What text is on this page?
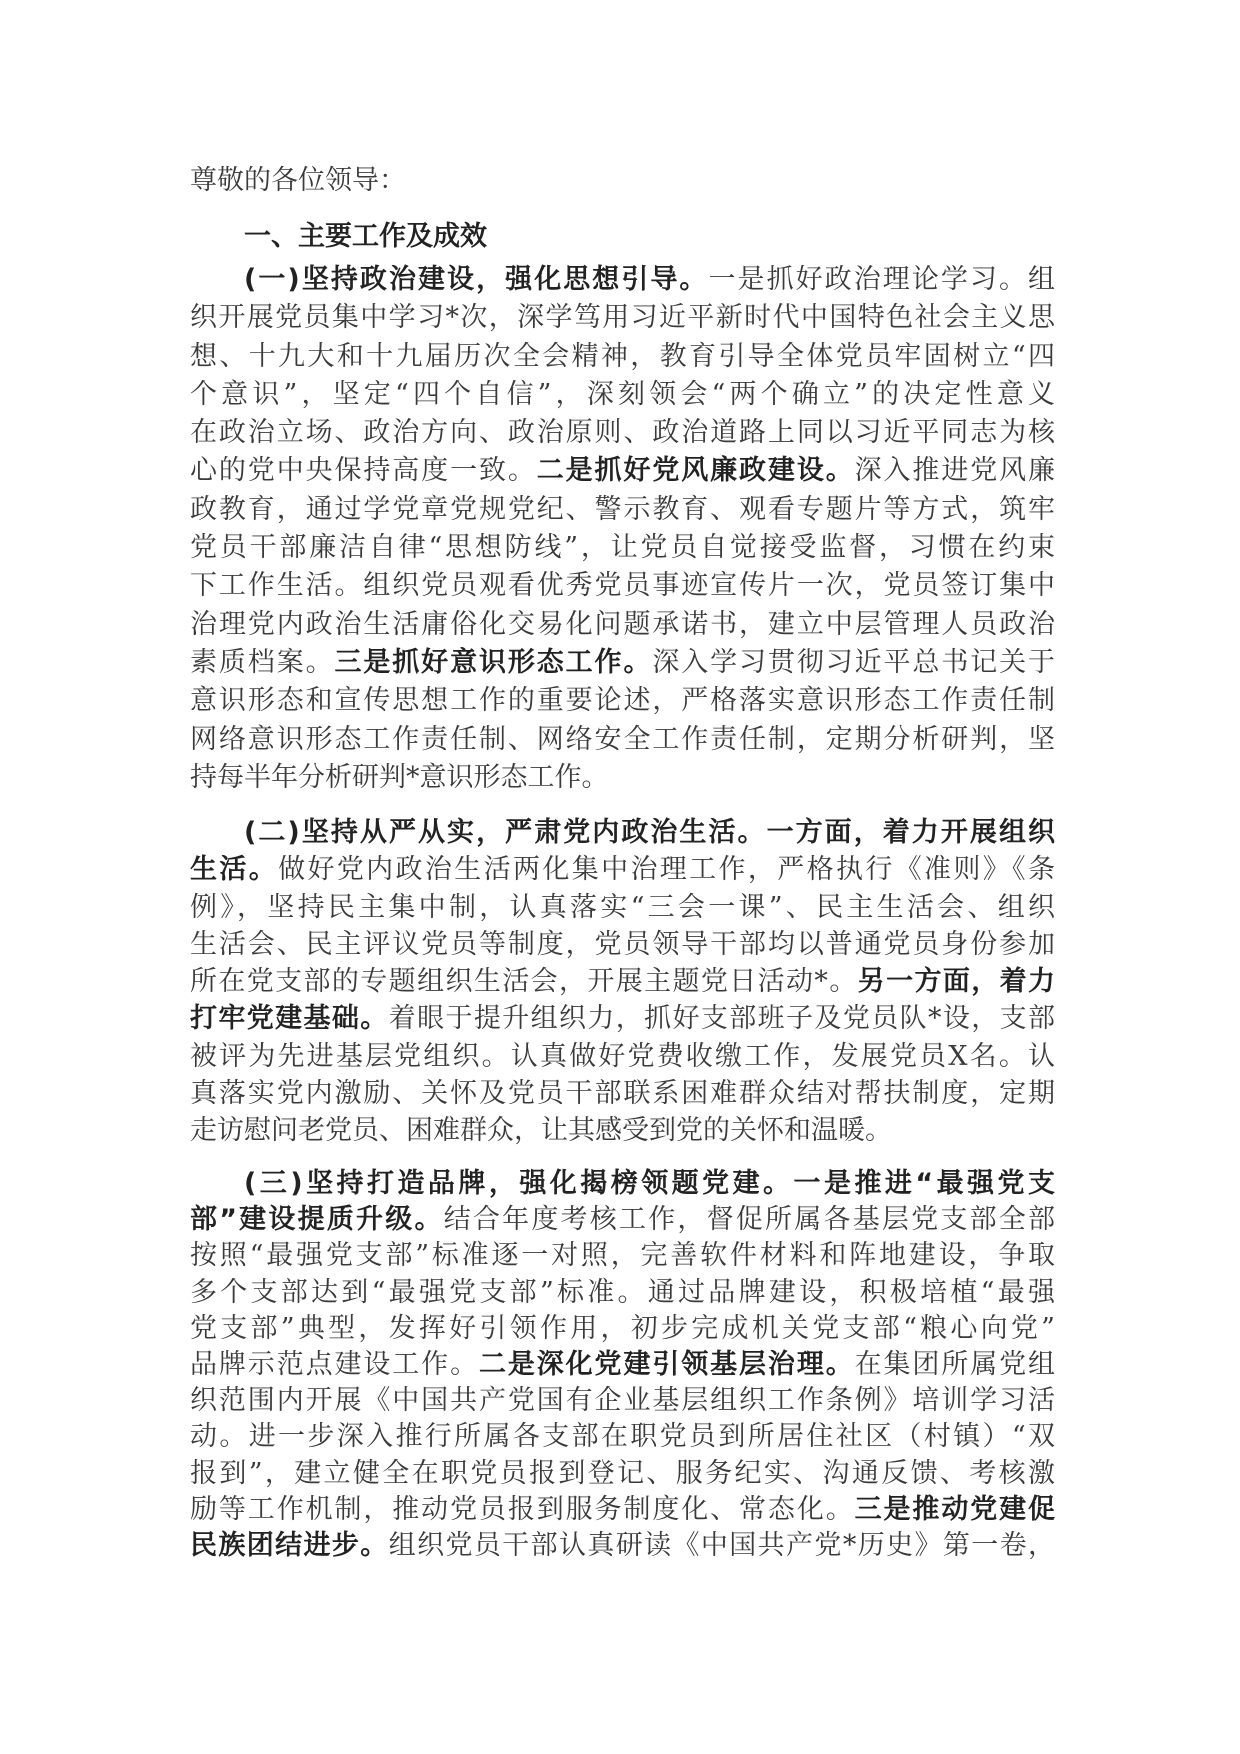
尊敬的各位领导：
一、主要工作及成效
(一)坚持政治建设，强化思想引导。一是抓好政治理论学习。组
织开展党员集中学习*次，深学笃用习近平新时代中国特色社会主义思
想、十九大和十九届历次全会精神，教育引导全体党员牢固树立“四
个意识”，坚定“四个自信”，深刻领会“两个确立”的决定性意义
在政治立场、政治方向、政治原则、政治道路上同以习近平同志为核
心的党中央保持高度一致。二是抓好党风廉政建设。深入推进党风廉
政教育，通过学党章党规党纪、警示教育、观看专题片等方式，筑牢
党员干部廉洁自律“思想防线”，让党员自觉接受监督，习惯在约束
下工作生活。组织党员观看优秀党员事迹宣传片一次，党员签订集中
治理党内政治生活庸俗化交易化问题承诺书，建立中层管理人员政治
素质档案。三是抓好意识形态工作。深入学习贯彻习近平总书记关于
意识形态和宣传思想工作的重要论述，严格落实意识形态工作责任制
网络意识形态工作责任制、网络安全工作责任制，定期分析研判，坚
持每半年分析研判*意识形态工作。
(二)坚持从严从实，严肃党内政治生活。一方面，着力开展组织
生活。做好党内政治生活两化集中治理工作，严格执行《准则》《条
例》，坚持民主集中制，认真落实“三会一课”、民主生活会、组织
生活会、民主评议党员等制度，党员领导干部均以普通党员身份参加
所在党支部的专题组织生活会，开展主题党日活动*。另一方面，着力
打牢党建基础。着眼于提升组织力，抓好支部班子及党员队*设，支部
被评为先进基层党组织。认真做好党费收缴工作，发展党员X名。认
真落实党内激励、关怀及党员干部联系困难群众结对帮扶制度，定期
走访慰问老党员、困难群众，让其感受到党的关怀和温暖。
(三)坚持打造品牌，强化揭榜领题党建。一是推进“最强党支
部”建设提质升级。结合年度考核工作，督促所属各基层党支部全部
按照“最强党支部”标准逐一对照，完善软件材料和阵地建设，争取
多个支部达到“最强党支部”标准。通过品牌建设，积极培植“最强
党支部”典型，发挥好引领作用，初步完成机关党支部“粮心向党”
品牌示范点建设工作。二是深化党建引领基层治理。在集团所属党组
织范围内开展《中国共产党国有企业基层组织工作条例》培训学习活
动。进一步深入推行所属各支部在职党员到所居住社区（村镇）“双
报到”，建立健全在职党员报到登记、服务纪实、沟通反馈、考核激
励等工作机制，推动党员报到服务制度化、常态化。三是推动党建促
民族团结进步。组织党员干部认真研读《中国共产党*历史》第一卷，
